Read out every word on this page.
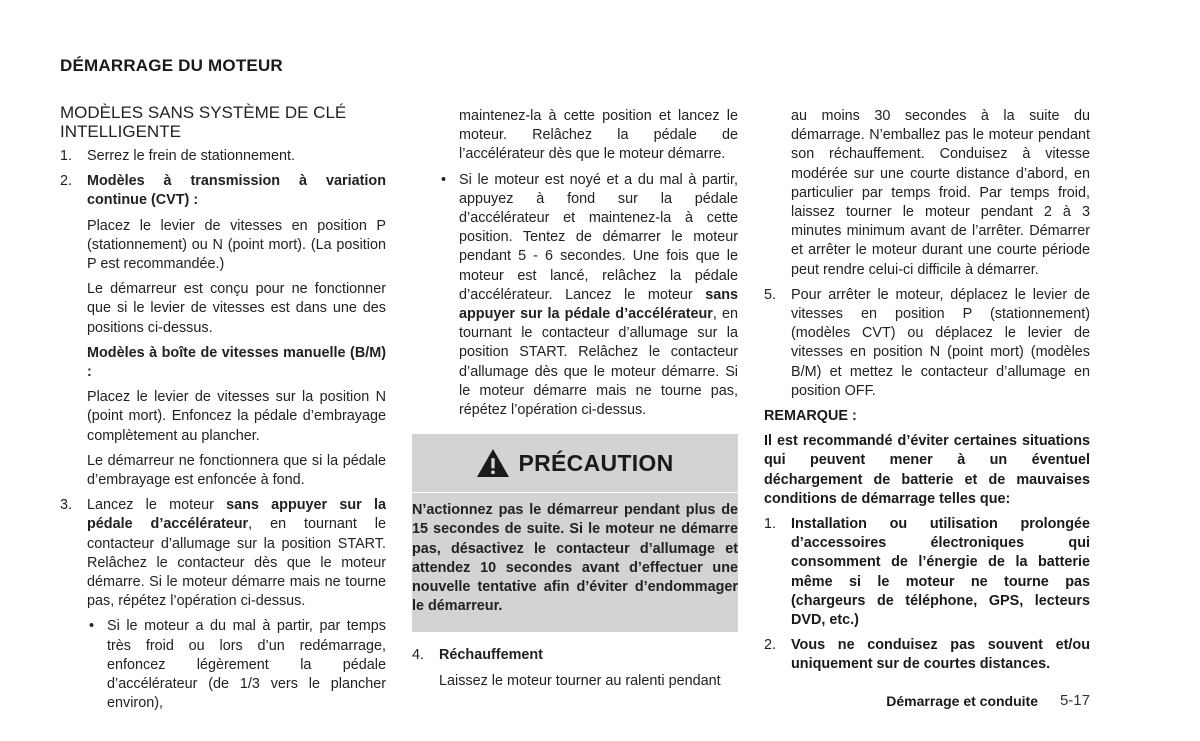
DÉMARRAGE DU MOTEUR

MODÈLES SANS SYSTÈME DE CLÉ INTELLIGENTE

1.	Serrez le frein de stationnement.

2.	Modèles à transmission à variation continue (CVT) :

Placez le levier de vitesses en position P (stationnement) ou N (point mort). (La position P est recommandée.)

Le démarreur est conçu pour ne fonctionner que si le levier de vitesses est dans une des positions ci-dessus.

Modèles à boîte de vitesses manuelle (B/M) :

Placez le levier de vitesses sur la position N (point mort). Enfoncez la pédale d’embrayage complètement au plancher.

Le démarreur ne fonctionnera que si la pédale d’embrayage est enfoncée à fond.

3.	Lancez le moteur sans appuyer sur la pédale d’accélérateur, en tournant le contacteur d’allumage sur la position START. Relâchez le contacteur dès que le moteur démarre. Si le moteur démarre mais ne tourne pas, répétez l’opération ci-dessus.

• Si le moteur a du mal à partir, par temps très froid ou lors d’un redémarrage, enfoncez légèrement la pédale d’accélérateur (de 1/3 vers le plancher environ),

maintenez-la à cette position et lancez le moteur. Relâchez la pédale de l’accélérateur dès que le moteur démarre.

• Si le moteur est noyé et a du mal à partir, appuyez à fond sur la pédale d’accélérateur et maintenez-la à cette position. Tentez de démarrer le moteur pendant 5 - 6 secondes. Une fois que le moteur est lancé, relâchez la pédale d’accélérateur. Lancez le moteur sans appuyer sur la pédale d’accélérateur, en tournant le contacteur d’allumage sur la position START. Relâchez le contacteur d’allumage dès que le moteur démarre. Si le moteur démarre mais ne tourne pas, répétez l’opération ci-dessus.

PRÉCAUTION

N’actionnez pas le démarreur pendant plus de 15 secondes de suite. Si le moteur ne démarre pas, désactivez le contacteur d’allumage et attendez 10 secondes avant d’effectuer une nouvelle tentative afin d’éviter d’endommager le démarreur.

4.	Réchauffement

Laissez le moteur tourner au ralenti pendant

au moins 30 secondes à la suite du démarrage. N’emballez pas le moteur pendant son réchauffement. Conduisez à vitesse modérée sur une courte distance d’abord, en particulier par temps froid. Par temps froid, laissez tourner le moteur pendant 2 à 3 minutes minimum avant de l’arrêter. Démarrer et arrêter le moteur durant une courte période peut rendre celui-ci difficile à démarrer.

5.	Pour arrêter le moteur, déplacez le levier de vitesses en position P (stationnement) (modèles CVT) ou déplacez le levier de vitesses en position N (point mort) (modèles B/M) et mettez le contacteur d’allumage en position OFF.

REMARQUE :

Il est recommandé d’éviter certaines situations qui peuvent mener à un éventuel déchargement de batterie et de mauvaises conditions de démarrage telles que:

1.	Installation ou utilisation prolongée d’accessoires électroniques qui consomment de l’énergie de la batterie même si le moteur ne tourne pas (chargeurs de téléphone, GPS, lecteurs DVD, etc.)

2.	Vous ne conduisez pas souvent et/ou uniquement sur de courtes distances.

Démarrage et conduite 5-17
